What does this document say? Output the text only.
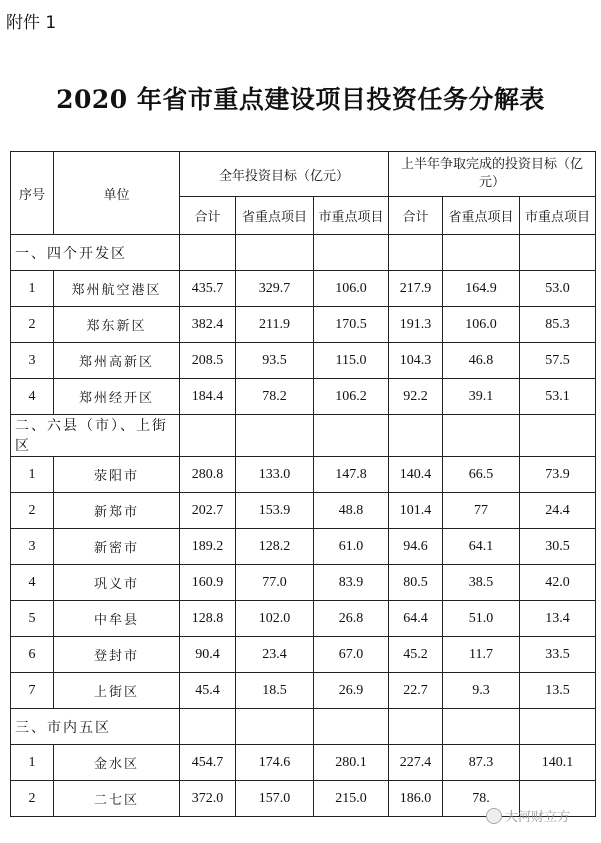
附件 1
2020 年省市重点建设项目投资任务分解表
序号	单位	全年投资目标（亿元）			上半年争取完成的投资目标（亿元）		
		合计	省重点项目	市重点项目	合计	省重点项目	市重点项目
一、四个开发区							
1	郑州航空港区	435.7	329.7	106.0	217.9	164.9	53.0
2	郑东新区	382.4	211.9	170.5	191.3	106.0	85.3
3	郑州高新区	208.5	93.5	115.0	104.3	46.8	57.5
4	郑州经开区	184.4	78.2	106.2	92.2	39.1	53.1
二、六县（市）、上街区							
1	荥阳市	280.8	133.0	147.8	140.4	66.5	73.9
2	新郑市	202.7	153.9	48.8	101.4	77	24.4
3	新密市	189.2	128.2	61.0	94.6	64.1	30.5
4	巩义市	160.9	77.0	83.9	80.5	38.5	42.0
5	中牟县	128.8	102.0	26.8	64.4	51.0	13.4
6	登封市	90.4	23.4	67.0	45.2	11.7	33.5
7	上街区	45.4	18.5	26.9	22.7	9.3	13.5
三、市内五区							
1	金水区	454.7	174.6	280.1	227.4	87.3	140.1
2	二七区	372.0	157.0	215.0	186.0	78.	
大河财立方
